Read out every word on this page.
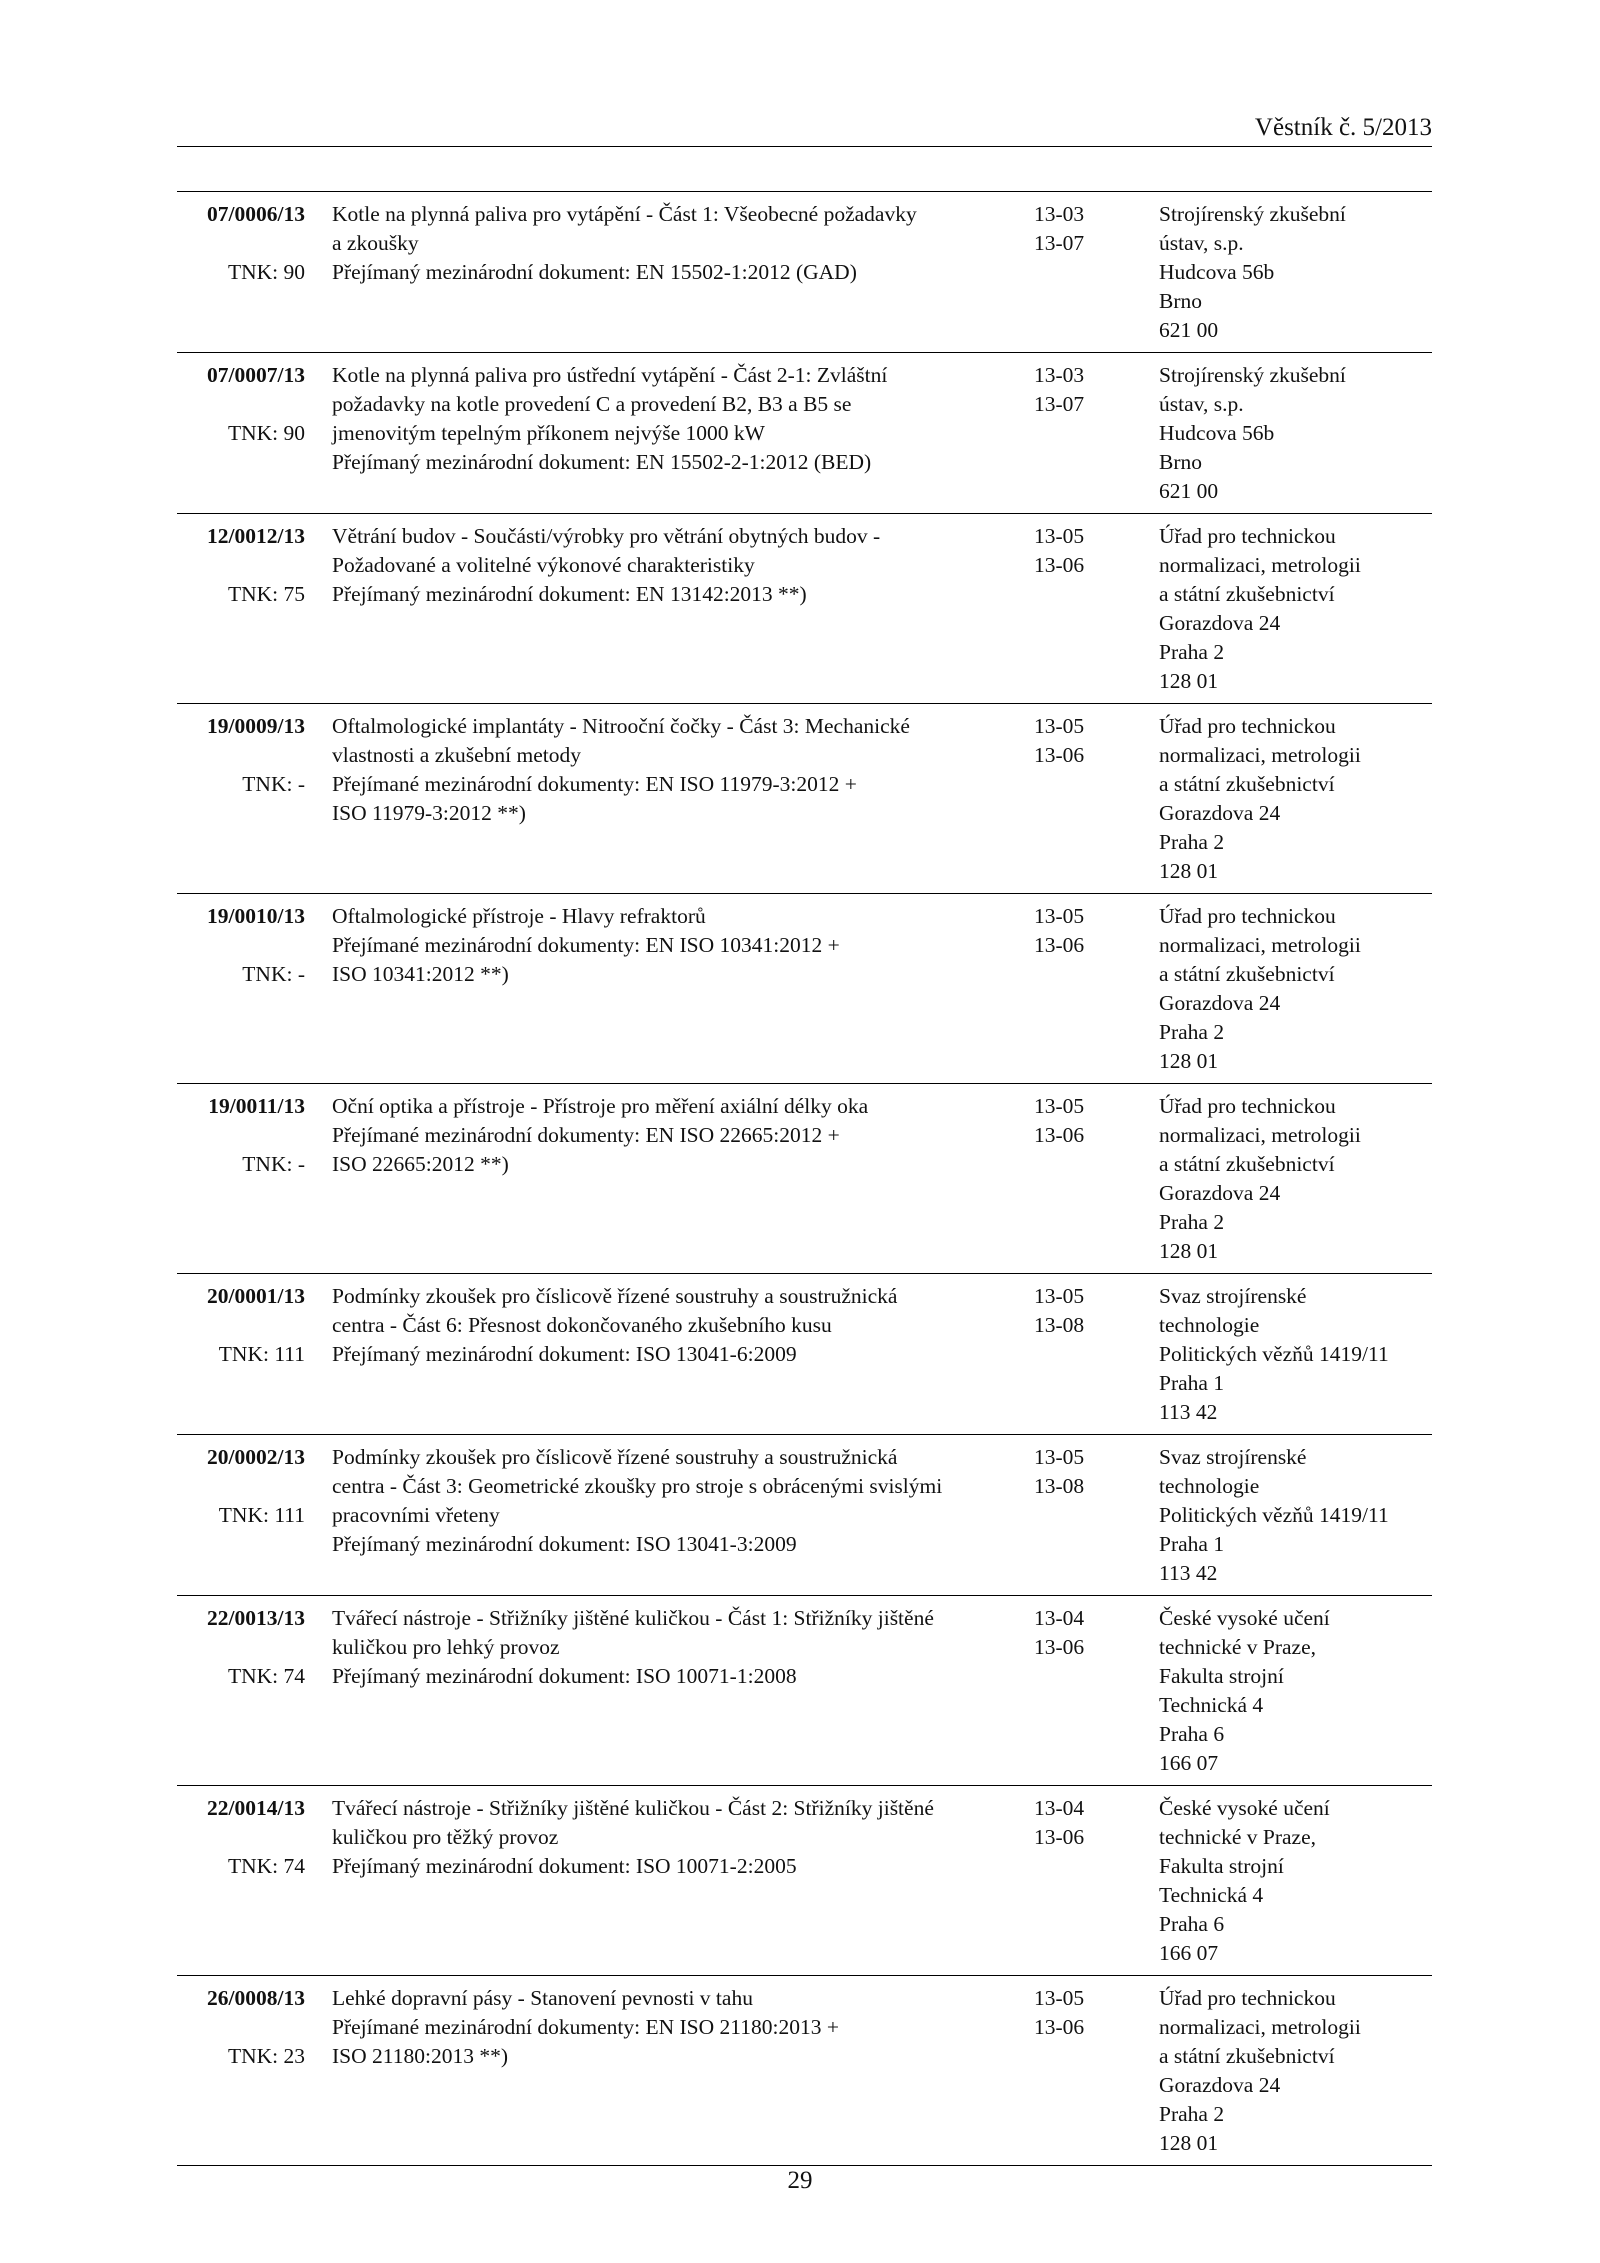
Věstník č. 5/2013
07/0006/13

TNK: 90
Kotle na plynná paliva pro vytápění - Část 1: Všeobecné požadavky
a zkoušky
Přejímaný mezinárodní dokument: EN 15502-1:2012 (GAD)
13-03
13-07
Strojírenský zkušební
ústav, s.p.
Hudcova 56b
Brno
621 00
07/0007/13

TNK: 90
Kotle na plynná paliva pro ústřední vytápění - Část 2-1: Zvláštní
požadavky na kotle provedení C a provedení B2, B3 a B5 se
jmenovitým tepelným příkonem nejvýše 1000 kW
Přejímaný mezinárodní dokument: EN 15502-2-1:2012 (BED)
13-03
13-07
Strojírenský zkušební
ústav, s.p.
Hudcova 56b
Brno
621 00
12/0012/13

TNK: 75
Větrání budov - Součásti/výrobky pro větrání obytných budov -
Požadované a volitelné výkonové charakteristiky
Přejímaný mezinárodní dokument: EN 13142:2013 **)
13-05
13-06
Úřad pro technickou
normalizaci, metrologii
a státní zkušebnictví
Gorazdova 24
Praha 2
128 01
19/0009/13

TNK: -
Oftalmologické implantáty - Nitrooční čočky - Část 3: Mechanické
vlastnosti a zkušební metody
Přejímané mezinárodní dokumenty: EN ISO 11979-3:2012 +
ISO 11979-3:2012 **)
13-05
13-06
Úřad pro technickou
normalizaci, metrologii
a státní zkušebnictví
Gorazdova 24
Praha 2
128 01
19/0010/13

TNK: -
Oftalmologické přístroje - Hlavy refraktorů
Přejímané mezinárodní dokumenty: EN ISO 10341:2012 +
ISO 10341:2012 **)
13-05
13-06
Úřad pro technickou
normalizaci, metrologii
a státní zkušebnictví
Gorazdova 24
Praha 2
128 01
19/0011/13

TNK: -
Oční optika a přístroje - Přístroje pro měření axiální délky oka
Přejímané mezinárodní dokumenty: EN ISO 22665:2012 +
ISO 22665:2012 **)
13-05
13-06
Úřad pro technickou
normalizaci, metrologii
a státní zkušebnictví
Gorazdova 24
Praha 2
128 01
20/0001/13

TNK: 111
Podmínky zkoušek pro číslicově řízené soustruhy a soustružnická
centra - Část 6: Přesnost dokončovaného zkušebního kusu
Přejímaný mezinárodní dokument: ISO 13041-6:2009
13-05
13-08
Svaz strojírenské
technologie
Politických vězňů 1419/11
Praha 1
113 42
20/0002/13

TNK: 111
Podmínky zkoušek pro číslicově řízené soustruhy a soustružnická
centra - Část 3: Geometrické zkoušky pro stroje s obrácenými svislými
pracovními vřeteny
Přejímaný mezinárodní dokument: ISO 13041-3:2009
13-05
13-08
Svaz strojírenské
technologie
Politických vězňů 1419/11
Praha 1
113 42
22/0013/13

TNK: 74
Tvářecí nástroje - Střižníky jištěné kuličkou - Část 1: Střižníky jištěné
kuličkou pro lehký provoz
Přejímaný mezinárodní dokument: ISO 10071-1:2008
13-04
13-06
České vysoké učení
technické v Praze,
Fakulta strojní
Technická 4
Praha 6
166 07
22/0014/13

TNK: 74
Tvářecí nástroje - Střižníky jištěné kuličkou - Část 2: Střižníky jištěné
kuličkou pro těžký provoz
Přejímaný mezinárodní dokument: ISO 10071-2:2005
13-04
13-06
České vysoké učení
technické v Praze,
Fakulta strojní
Technická 4
Praha 6
166 07
26/0008/13

TNK: 23
Lehké dopravní pásy - Stanovení pevnosti v tahu
Přejímané mezinárodní dokumenty: EN ISO 21180:2013 +
ISO 21180:2013 **)
13-05
13-06
Úřad pro technickou
normalizaci, metrologii
a státní zkušebnictví
Gorazdova 24
Praha 2
128 01
29
